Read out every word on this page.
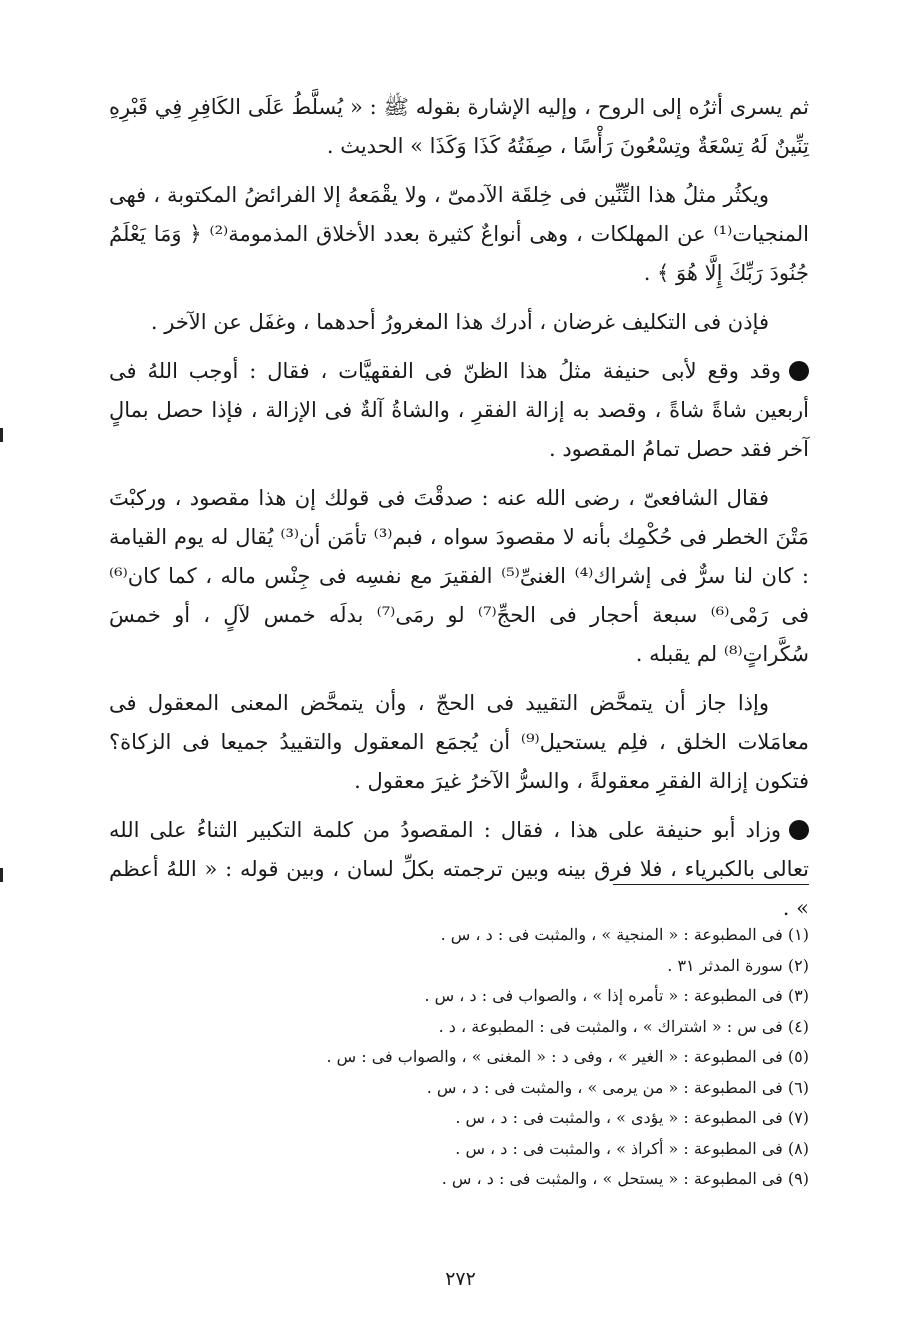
ثم يسرى أثرُه إلى الروح ، وإليه الإشارة بقوله ﷺ : « يُسلَّطُ عَلَى الكَافِرِ فِي قَبْرِهِ تِنِّينٌ لَهُ تِسْعَةٌ وتِسْعُونَ رَأْسًا ، صِفَتُهُ كَذَا وَكَذَا » الحديث .

ويكثُر مثلُ هذا التِّنِّين فى خِلقَة الآدمىّ ، ولا يقْمَعهُ إلا الفرائضُ المكتوبة ، فهى المنجيات⁽¹⁾ عن المهلكات ، وهى أنواعٌ كثيرة بعدد الأخلاق المذمومة⁽²⁾ ﴿ وَمَا يَعْلَمُ جُنُودَ رَبِّكَ إِلَّا هُوَ ﴾ .

فإذن فى التكليف غرضان ، أدرك هذا المغرورُ أحدهما ، وغفَل عن الآخر .

وقد وقع لأبى حنيفة مثلُ هذا الظنّ فى الفقهيَّات ، فقال : أوجب اللهُ فى أربعين شاةً شاةً ، وقصد به إزالة الفقرِ ، والشاةُ آلةٌ فى الإزالة ، فإذا حصل بمالٍ آخر فقد حصل تمامُ المقصود .

فقال الشافعىّ ، رضى الله عنه : صدقْتَ فى قولك إن هذا مقصود ، وركبْتَ مَتْنَ الخطر فى حُكْمِك بأنه لا مقصودَ سواه ، فبم⁽³⁾ تأمَن أن⁽³⁾ يُقال له يوم القيامة : كان لنا سرٌّ فى إشراك⁽⁴⁾ الغنىِّ⁽⁵⁾ الفقيرَ مع نفسِه فى جِنْس ماله ، كما كان⁽⁶⁾ فى رَمْى⁽⁶⁾ سبعة أحجار فى الحجِّ⁽⁷⁾ لو رمَى⁽⁷⁾ بدلَه خمس لآلٍ ، أو خمسَ سُكَّراتٍ⁽⁸⁾ لم يقبله .

وإذا جاز أن يتمحَّض التقييد فى الحجّ ، وأن يتمحَّض المعنى المعقول فى معامَلات الخلق ، فلِم يستحيل⁽⁹⁾ أن يُجمَع المعقول والتقييدُ جميعا فى الزكاة؟ فتكون إزالة الفقرِ معقولةً ، والسرُّ الآخرُ غيرَ معقول .

وزاد أبو حنيفة على هذا ، فقال : المقصودُ من كلمة التكبير الثناءُ على الله تعالى بالكبرياء ، فلا فرق بينه وبين ترجمته بكلِّ لسان ، وبين قوله : « اللهُ أعظم » .

(١) فى المطبوعة : « المنجية » ، والمثبت فى : د ، س .
(٢) سورة المدثر ٣١ .
(٣) فى المطبوعة : « تأمره إذا » ، والصواب فى : د ، س .
(٤) فى س : « اشتراك » ، والمثبت فى : المطبوعة ، د .
(٥) فى المطبوعة : « الغير » ، وفى د : « المغنى » ، والصواب فى : س .
(٦) فى المطبوعة : « من يرمى » ، والمثبت فى : د ، س .
(٧) فى المطبوعة : « يؤدى » ، والمثبت فى : د ، س .
(٨) فى المطبوعة : « أكراذ » ، والمثبت فى : د ، س .
(٩) فى المطبوعة : « يستحل » ، والمثبت فى : د ، س .
٢٧٢
